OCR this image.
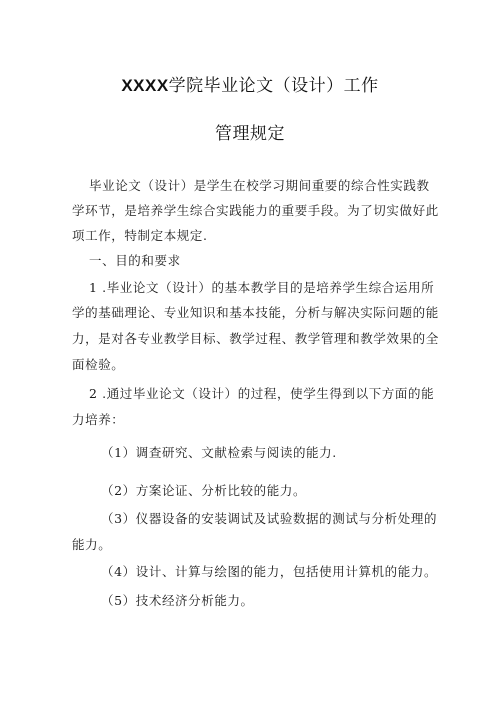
XXXX学院毕业论文（设计）工作
管理规定
毕业论文（设计）是学生在校学习期间重要的综合性实践教
学环节，是培养学生综合实践能力的重要手段。为了切实做好此
项工作，特制定本规定.
一、目的和要求
1 .毕业论文（设计）的基本教学目的是培养学生综合运用所
学的基础理论、专业知识和基本技能，分析与解决实际问题的能
力，是对各专业教学目标、教学过程、教学管理和教学效果的全
面检验。
2 .通过毕业论文（设计）的过程，使学生得到以下方面的能
力培养：
（1）调查研究、文献检索与阅读的能力.
（2）方案论证、分析比较的能力。
（3）仪器设备的安装调试及试验数据的测试与分析处理的
能力。
（4）设计、计算与绘图的能力，包括使用计算机的能力。
（5）技术经济分析能力。
